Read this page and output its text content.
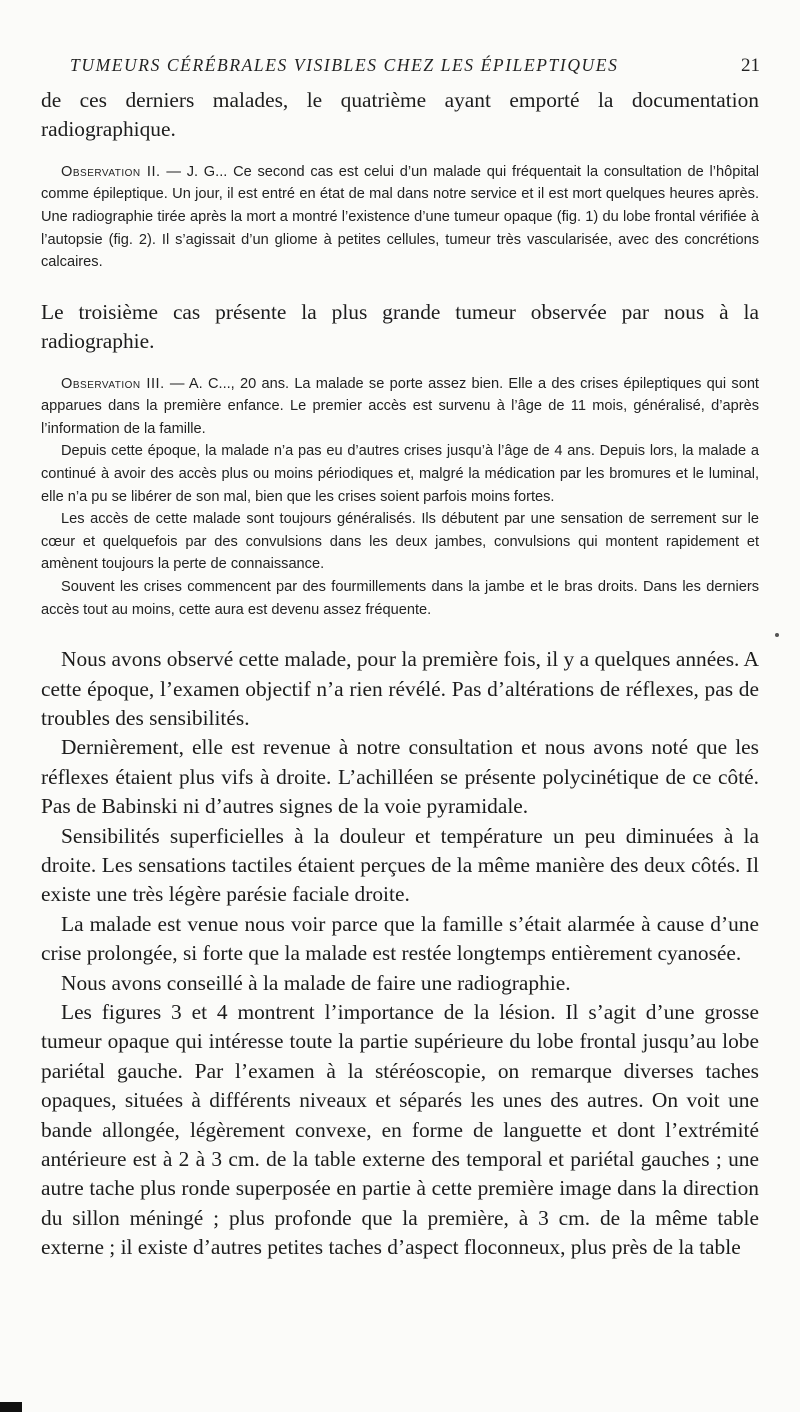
TUMEURS CÉRÉBRALES VISIBLES CHEZ LES ÉPILEPTIQUES	21

de ces derniers malades, le quatrième ayant emporté la documentation radiographique.

Observation II. — J. G... Ce second cas est celui d’un malade qui fréquentait la consultation de l’hôpital comme épileptique. Un jour, il est entré en état de mal dans notre service et il est mort quelques heures après. Une radiographie tirée après la mort a montré l’existence d’une tumeur opaque (fig. 1) du lobe frontal vérifiée à l’autopsie (fig. 2). Il s’agissait d’un gliome à petites cellules, tumeur très vascularisée, avec des concrétions calcaires.

Le troisième cas présente la plus grande tumeur observée par nous à la radiographie.

Observation III. — A. C..., 20 ans. La malade se porte assez bien. Elle a des crises épileptiques qui sont apparues dans la première enfance. Le premier accès est survenu à l’âge de 11 mois, généralisé, d’après l’information de la famille.

Depuis cette époque, la malade n’a pas eu d’autres crises jusqu’à l’âge de 4 ans. Depuis lors, la malade a continué à avoir des accès plus ou moins périodiques et, malgré la médication par les bromures et le luminal, elle n’a pu se libérer de son mal, bien que les crises soient parfois moins fortes.

Les accès de cette malade sont toujours généralisés. Ils débutent par une sensation de serrement sur le cœur et quelquefois par des convulsions dans les deux jambes, convulsions qui montent rapidement et amènent toujours la perte de connaissance.

Souvent les crises commencent par des fourmillements dans la jambe et le bras droits. Dans les derniers accès tout au moins, cette aura est devenu assez fréquente.

Nous avons observé cette malade, pour la première fois, il y a quelques années. A cette époque, l’examen objectif n’a rien révélé. Pas d’altérations de réflexes, pas de troubles des sensibilités.

Dernièrement, elle est revenue à notre consultation et nous avons noté que les réflexes étaient plus vifs à droite. L’achilléen se présente polycinétique de ce côté. Pas de Babinski ni d’autres signes de la voie pyramidale.

Sensibilités superficielles à la douleur et température un peu diminuées à la droite. Les sensations tactiles étaient perçues de la même manière des deux côtés. Il existe une très légère parésie faciale droite.

La malade est venue nous voir parce que la famille s’était alarmée à cause d’une crise prolongée, si forte que la malade est restée longtemps entièrement cyanosée.

Nous avons conseillé à la malade de faire une radiographie.

Les figures 3 et 4 montrent l’importance de la lésion. Il s’agit d’une grosse tumeur opaque qui intéresse toute la partie supérieure du lobe frontal jusqu’au lobe pariétal gauche. Par l’examen à la stéréoscopie, on remarque diverses taches opaques, situées à différents niveaux et séparés les unes des autres. On voit une bande allongée, légèrement convexe, en forme de languette et dont l’extrémité antérieure est à 2 à 3 cm. de la table externe des temporal et pariétal gauches ; une autre tache plus ronde superposée en partie à cette première image dans la direction du sillon méningé ; plus profonde que la première, à 3 cm. de la même table externe ; il existe d’autres petites taches d’aspect floconneux, plus près de la table
